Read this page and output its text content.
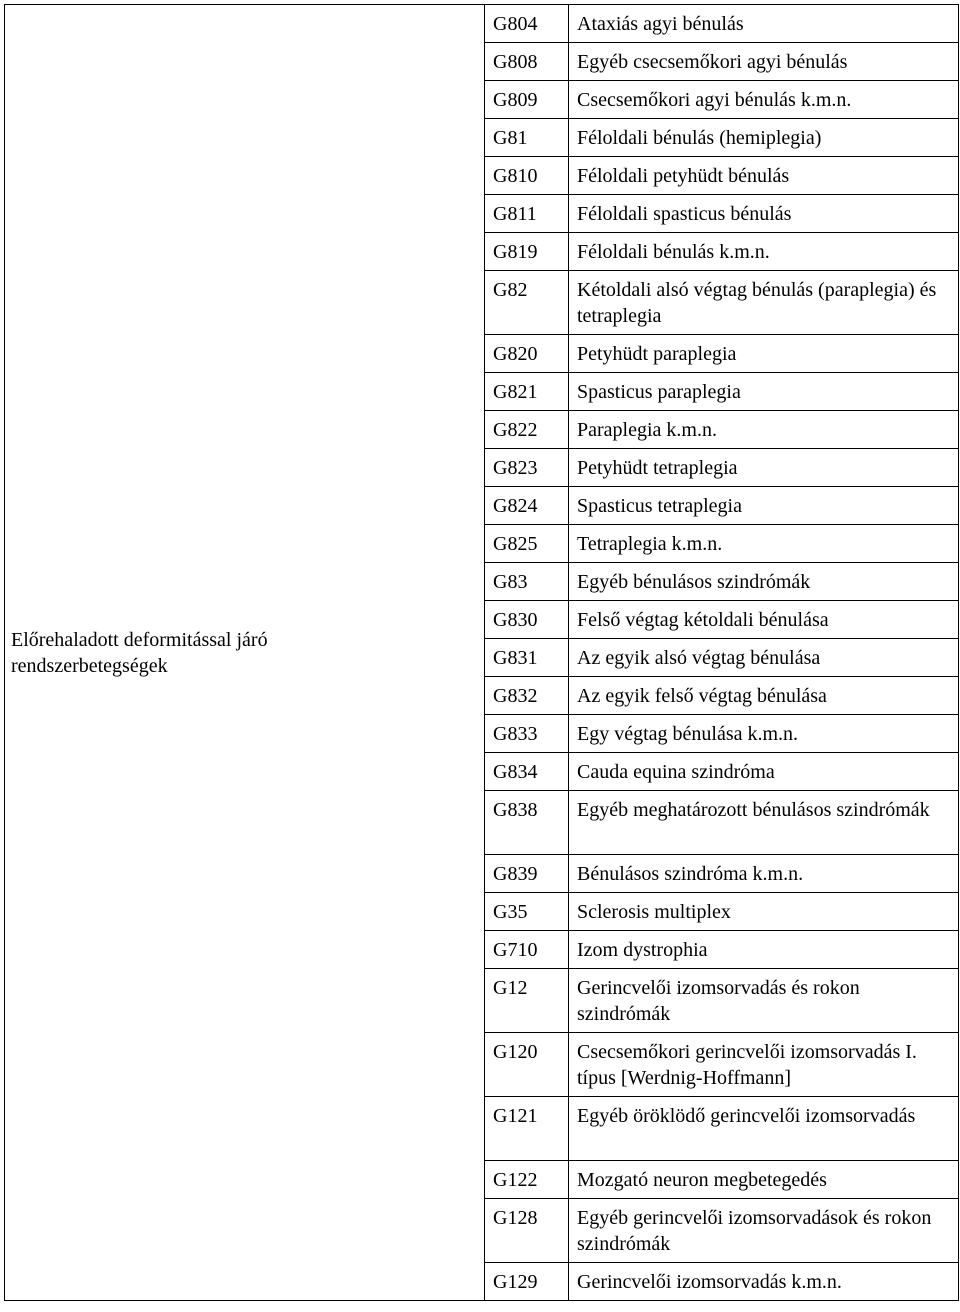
Előrehaladott deformitással járó rendszerbetegségek	G804	Ataxiás agyi bénulás
	G808	Egyéb csecsemőkori agyi bénulás
	G809	Csecsemőkori agyi bénulás k.m.n.
	G81	Féloldali bénulás (hemiplegia)
	G810	Féloldali petyhüdt bénulás
	G811	Féloldali spasticus bénulás
	G819	Féloldali bénulás k.m.n.
	G82	Kétoldali alsó végtag bénulás (paraplegia) és tetraplegia
	G820	Petyhüdt paraplegia
	G821	Spasticus paraplegia
	G822	Paraplegia k.m.n.
	G823	Petyhüdt tetraplegia
	G824	Spasticus tetraplegia
	G825	Tetraplegia k.m.n.
	G83	Egyéb bénulásos szindrómák
	G830	Felső végtag kétoldali bénulása
	G831	Az egyik alsó végtag bénulása
	G832	Az egyik felső végtag bénulása
	G833	Egy végtag bénulása k.m.n.
	G834	Cauda equina szindróma
	G838	Egyéb meghatározott bénulásos szindrómák
	G839	Bénulásos szindróma k.m.n.
	G35	Sclerosis multiplex
	G710	Izom dystrophia
	G12	Gerincvelői izomsorvadás és rokon szindrómák
	G120	Csecsemőkori gerincvelői izomsorvadás I. típus [Werdnig-Hoffmann]
	G121	Egyéb öröklödő gerincvelői izomsorvadás
	G122	Mozgató neuron megbetegedés
	G128	Egyéb gerincvelői izomsorvadások és rokon szindrómák
	G129	Gerincvelői izomsorvadás k.m.n.
